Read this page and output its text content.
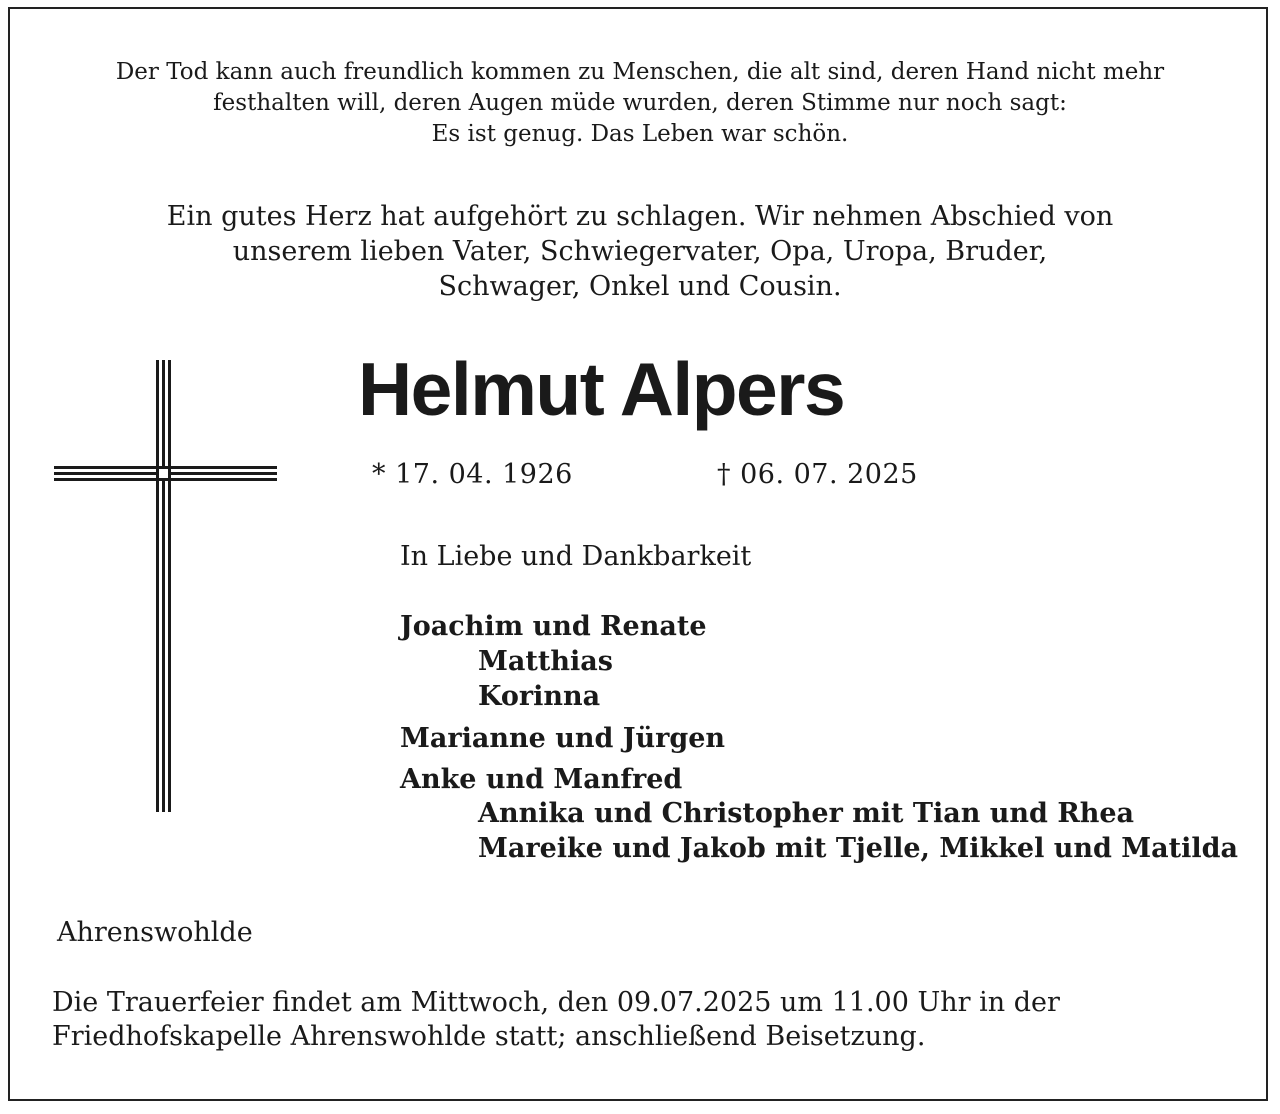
Der Tod kann auch freundlich kommen zu Menschen, die alt sind, deren Hand nicht mehr
festhalten will, deren Augen müde wurden, deren Stimme nur noch sagt:
Es ist genug. Das Leben war schön.
Ein gutes Herz hat aufgehört zu schlagen. Wir nehmen Abschied von
unserem lieben Vater, Schwiegervater, Opa, Uropa, Bruder,
Schwager, Onkel und Cousin.
Helmut Alpers
* 17. 04. 1926	† 06. 07. 2025
In Liebe und Dankbarkeit
Joachim und Renate
Matthias
Korinna
Marianne und Jürgen
Anke und Manfred
Annika und Christopher mit Tian und Rhea
Mareike und Jakob mit Tjelle, Mikkel und Matilda
Ahrenswohlde
Die Trauerfeier findet am Mittwoch, den 09.07.2025 um 11.00 Uhr in der
Friedhofskapelle Ahrenswohlde statt; anschließend Beisetzung.
